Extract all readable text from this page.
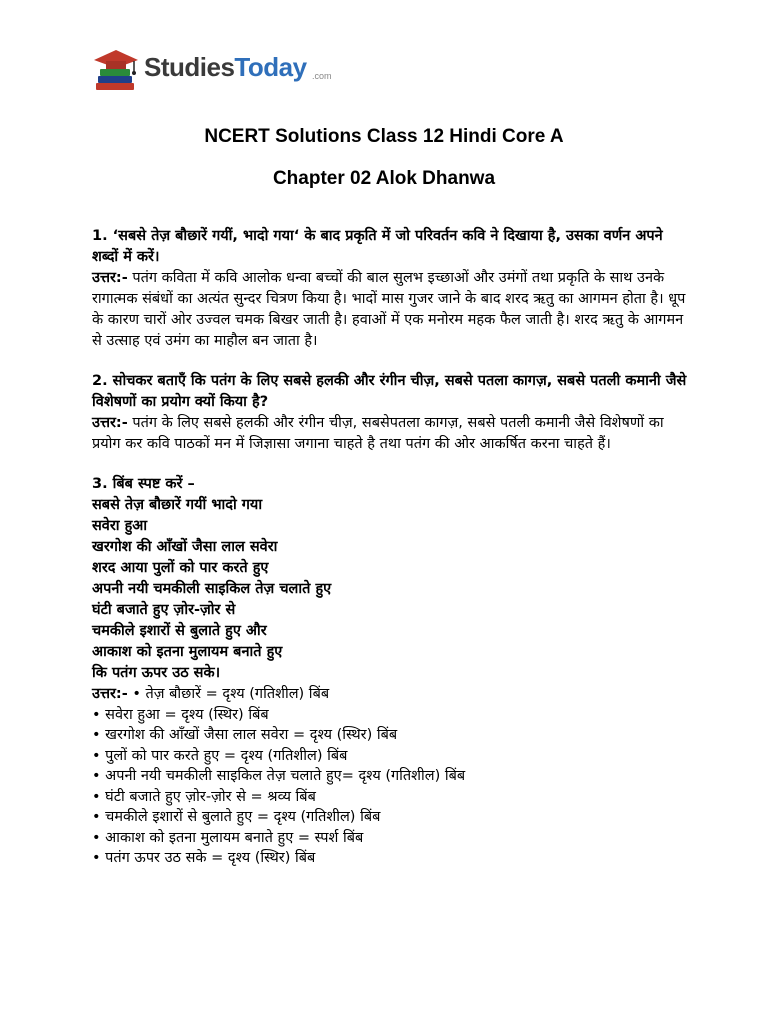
StudiesToday .com
NCERT Solutions Class 12 Hindi Core A
Chapter 02 Alok Dhanwa

1. ‘सबसे तेज़ बौछारें गयीं, भादो गया‘ के बाद प्रकृति में जो परिवर्तन कवि ने दिखाया है, उसका वर्णन अपने शब्दों में करें।

उत्तर:- पतंग कविता में कवि आलोक धन्वा बच्चों की बाल सुलभ इच्छाओं और उमंगों तथा प्रकृति के साथ उनके रागात्मक संबंधों का अत्यंत सुन्दर चित्रण किया है। भादों मास गुजर जाने के बाद शरद ऋतु का आगमन होता है। धूप के कारण चारों ओर उज्वल चमक बिखर जाती है। हवाओं में एक मनोरम महक फैल जाती है। शरद ऋतु के आगमन से उत्साह एवं उमंग का माहौल बन जाता है।

2. सोचकर बताएँ कि पतंग के लिए सबसे हलकी और रंगीन चीज़, सबसे पतला कागज़, सबसे पतली कमानी जैसे विशेषणों का प्रयोग क्यों किया है?

उत्तर:- पतंग के लिए सबसे हलकी और रंगीन चीज़, सबसेपतला कागज़, सबसे पतली कमानी जैसे विशेषणों का प्रयोग कर कवि पाठकों मन में जिज्ञासा जगाना चाहते है तथा पतंग की ओर आकर्षित करना चाहते हैं।

3. बिंब स्पष्ट करें –

सबसे तेज़ बौछारें गयीं भादो गया

सवेरा हुआ

खरगोश की आँखों जैसा लाल सवेरा

शरद आया पुलों को पार करते हुए

अपनी नयी चमकीली साइकिल तेज़ चलाते हुए

घंटी बजाते हुए ज़ोर-ज़ोर से

चमकीले इशारों से बुलाते हुए और

आकाश को इतना मुलायम बनाते हुए

कि पतंग ऊपर उठ सके।

उत्तर:- • तेज़ बौछारें = दृश्य (गतिशील) बिंब

• सवेरा हुआ = दृश्य (स्थिर) बिंब

• खरगोश की आँखों जैसा लाल सवेरा = दृश्य (स्थिर) बिंब

• पुलों को पार करते हुए = दृश्य (गतिशील) बिंब

• अपनी नयी चमकीली साइकिल तेज़ चलाते हुए= दृश्य (गतिशील) बिंब

• घंटी बजाते हुए ज़ोर-ज़ोर से = श्रव्य बिंब

• चमकीले इशारों से बुलाते हुए = दृश्य (गतिशील) बिंब

• आकाश को इतना मुलायम बनाते हुए = स्पर्श बिंब

• पतंग ऊपर उठ सके = दृश्य (स्थिर) बिंब
